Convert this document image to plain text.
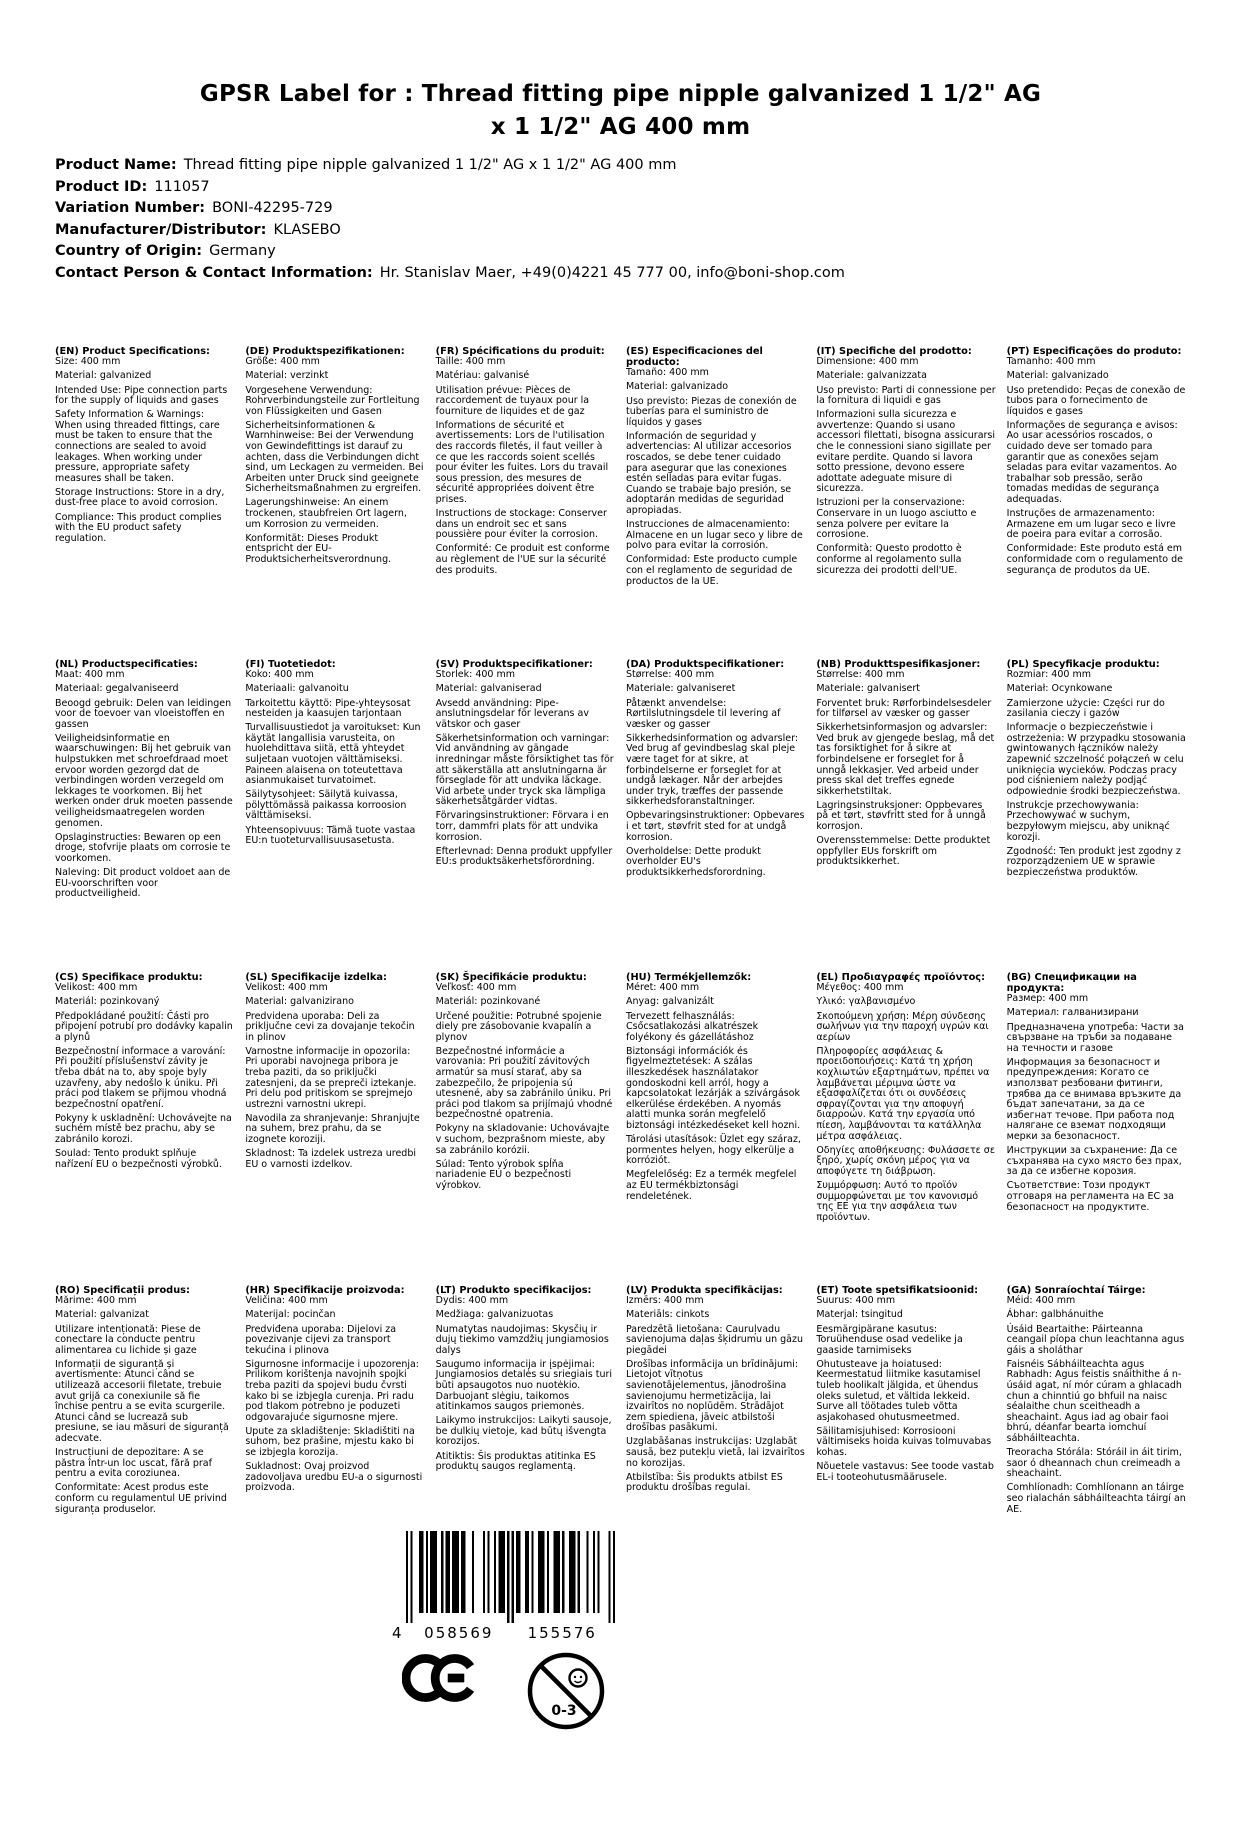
GPSR Label for : Thread fitting pipe nipple galvanized 1 1/2" AG x 1 1/2" AG 400 mm
Product Name: Thread fitting pipe nipple galvanized 1 1/2" AG x 1 1/2" AG 400 mm
Product ID: 111057
Variation Number: BONI-42295-729
Manufacturer/Distributor: KLASEBO
Country of Origin: Germany
Contact Person & Contact Information: Hr. Stanislav Maer, +49(0)4221 45 777 00, info@boni-shop.com
(EN) Product Specifications:

Size: 400 mm

Material: galvanized

Intended Use: Pipe connection parts for the supply of liquids and gases

Safety Information & Warnings: When using threaded fittings, care must be taken to ensure that the connections are sealed to avoid leakages. When working under pressure, appropriate safety measures shall be taken.

Storage Instructions: Store in a dry, dust-free place to avoid corrosion.

Compliance: This product complies with the EU product safety regulation.

(DE) Produktspezifikationen:

Größe: 400 mm

Material: verzinkt

Vorgesehene Verwendung: Rohrverbindungsteile zur Fortleitung von Flüssigkeiten und Gasen

Sicherheitsinformationen & Warnhinweise: Bei der Verwendung von Gewindefittings ist darauf zu achten, dass die Verbindungen dicht sind, um Leckagen zu vermeiden. Bei Arbeiten unter Druck sind geeignete Sicherheitsmaßnahmen zu ergreifen.

Lagerungshinweise: An einem trockenen, staubfreien Ort lagern, um Korrosion zu vermeiden.

Konformität: Dieses Produkt entspricht der EU-Produktsicherheitsverordnung.

(FR) Spécifications du produit:

Taille: 400 mm

Matériau: galvanisé

Utilisation prévue: Pièces de raccordement de tuyaux pour la fourniture de liquides et de gaz

Informations de sécurité et avertissements: Lors de l'utilisation des raccords filetés, il faut veiller à ce que les raccords soient scellés pour éviter les fuites. Lors du travail sous pression, des mesures de sécurité appropriées doivent être prises.

Instructions de stockage: Conserver dans un endroit sec et sans poussière pour éviter la corrosion.

Conformité: Ce produit est conforme au règlement de l'UE sur la sécurité des produits.

(ES) Especificaciones del producto:

Tamaño: 400 mm

Material: galvanizado

Uso previsto: Piezas de conexión de tuberías para el suministro de líquidos y gases

Información de seguridad y advertencias: Al utilizar accesorios roscados, se debe tener cuidado para asegurar que las conexiones estén selladas para evitar fugas. Cuando se trabaje bajo presión, se adoptarán medidas de seguridad apropiadas.

Instrucciones de almacenamiento: Almacene en un lugar seco y libre de polvo para evitar la corrosión.

Conformidad: Este producto cumple con el reglamento de seguridad de productos de la UE.

(IT) Specifiche del prodotto:

Dimensione: 400 mm

Materiale: galvanizzata

Uso previsto: Parti di connessione per la fornitura di liquidi e gas

Informazioni sulla sicurezza e avvertenze: Quando si usano accessori filettati, bisogna assicurarsi che le connessioni siano sigillate per evitare perdite. Quando si lavora sotto pressione, devono essere adottate adeguate misure di sicurezza.

Istruzioni per la conservazione: Conservare in un luogo asciutto e senza polvere per evitare la corrosione.

Conformità: Questo prodotto è conforme al regolamento sulla sicurezza dei prodotti dell'UE.

(PT) Especificações do produto:

Tamanho: 400 mm

Material: galvanizado

Uso pretendido: Peças de conexão de tubos para o fornecimento de líquidos e gases

Informações de segurança e avisos: Ao usar acessórios roscados, o cuidado deve ser tomado para garantir que as conexões sejam seladas para evitar vazamentos. Ao trabalhar sob pressão, serão tomadas medidas de segurança adequadas.

Instruções de armazenamento: Armazene em um lugar seco e livre de poeira para evitar a corrosão.

Conformidade: Este produto está em conformidade com o regulamento de segurança de produtos da UE.

(NL) Productspecificaties:

Maat: 400 mm

Materiaal: gegalvaniseerd

Beoogd gebruik: Delen van leidingen voor de toevoer van vloeistoffen en gassen

Veiligheidsinformatie en waarschuwingen: Bij het gebruik van hulpstukken met schroefdraad moet ervoor worden gezorgd dat de verbindingen worden verzegeld om lekkages te voorkomen. Bij het werken onder druk moeten passende veiligheidsmaatregelen worden genomen.

Opslaginstructies: Bewaren op een droge, stofvrije plaats om corrosie te voorkomen.

Naleving: Dit product voldoet aan de EU-voorschriften voor productveiligheid.

(FI) Tuotetiedot:

Koko: 400 mm

Materiaali: galvanoitu

Tarkoitettu käyttö: Pipe-yhteysosat nesteiden ja kaasujen tarjontaan

Turvallisuustiedot ja varoitukset: Kun käytät langallisia varusteita, on huolehdittava siitä, että yhteydet suljetaan vuotojen välttämiseksi. Paineen alaisena on toteutettava asianmukaiset turvatoimet.

Säilytysohjeet: Säilytä kuivassa, pölyttömässä paikassa korroosion välttämiseksi.

Yhteensopivuus: Tämä tuote vastaa EU:n tuoteturvallisuusasetusta.

(SV) Produktspecifikationer:

Storlek: 400 mm

Material: galvaniserad

Avsedd användning: Pipe-anslutningsdelar för leverans av vätskor och gaser

Säkerhetsinformation och varningar: Vid användning av gängade inredningar måste försiktighet tas för att säkerställa att anslutningarna är förseglade för att undvika läckage. Vid arbete under tryck ska lämpliga säkerhetsåtgärder vidtas.

Förvaringsinstruktioner: Förvara i en torr, dammfri plats för att undvika korrosion.

Efterlevnad: Denna produkt uppfyller EU:s produktsäkerhetsförordning.

(DA) Produktspecifikationer:

Størrelse: 400 mm

Materiale: galvaniseret

Påtænkt anvendelse: Rørtilslutningsdele til levering af væsker og gasser

Sikkerhedsinformation og advarsler: Ved brug af gevindbeslag skal pleje være taget for at sikre, at forbindelserne er forseglet for at undgå lækager. Når der arbejdes under tryk, træffes der passende sikkerhedsforanstaltninger.

Opbevaringsinstruktioner: Opbevares i et tørt, støvfrit sted for at undgå korrosion.

Overholdelse: Dette produkt overholder EU's produktsikkerhedsforordning.

(NB) Produkttspesifikasjoner:

Størrelse: 400 mm

Materiale: galvanisert

Forventet bruk: Rørforbindelsesdeler for tilførsel av væsker og gasser

Sikkerhetsinformasjon og advarsler: Ved bruk av gjengede beslag, må det tas forsiktighet for å sikre at forbindelsene er forseglet for å unngå lekkasjer. Ved arbeid under press skal det treffes egnede sikkerhetstiltak.

Lagringsinstruksjoner: Oppbevares på et tørt, støvfritt sted for å unngå korrosjon.

Overensstemmelse: Dette produktet oppfyller EUs forskrift om produktsikkerhet.

(PL) Specyfikacje produktu:

Rozmiar: 400 mm

Materiał: Ocynkowane

Zamierzone użycie: Części rur do zasilania cieczy i gazów

Informacje o bezpieczeństwie i ostrzeżenia: W przypadku stosowania gwintowanych łączników należy zapewnić szczelność połączeń w celu uniknięcia wycieków. Podczas pracy pod ciśnieniem należy podjąć odpowiednie środki bezpieczeństwa.

Instrukcje przechowywania: Przechowywać w suchym, bezpyłowym miejscu, aby uniknąć korozji.

Zgodność: Ten produkt jest zgodny z rozporządzeniem UE w sprawie bezpieczeństwa produktów.

(CS) Specifikace produktu:

Velikost: 400 mm

Materiál: pozinkovaný

Předpokládané použití: Části pro připojení potrubí pro dodávky kapalin a plynů

Bezpečnostní informace a varování: Při použití příslušenství závity je třeba dbát na to, aby spoje byly uzavřeny, aby nedošlo k úniku. Při práci pod tlakem se přijmou vhodná bezpečnostní opatření.

Pokyny k uskladnění: Uchovávejte na suchém místě bez prachu, aby se zabránilo korozi.

Soulad: Tento produkt splňuje nařízení EU o bezpečnosti výrobků.

(SL) Specifikacije izdelka:

Velikost: 400 mm

Material: galvanizirano

Predvidena uporaba: Deli za priključne cevi za dovajanje tekočin in plinov

Varnostne informacije in opozorila: Pri uporabi navojnega pribora je treba paziti, da so priključki zatesnjeni, da se prepreči iztekanje. Pri delu pod pritiskom se sprejmejo ustrezni varnostni ukrepi.

Navodila za shranjevanje: Shranjujte na suhem, brez prahu, da se izognete koroziji.

Skladnost: Ta izdelek ustreza uredbi EU o varnosti izdelkov.

(SK) Špecifikácie produktu:

Veľkosť: 400 mm

Materiál: pozinkované

Určené použitie: Potrubné spojenie diely pre zásobovanie kvapalín a plynov

Bezpečnostné informácie a varovania: Pri použití závitových armatúr sa musí starať, aby sa zabezpečilo, že pripojenia sú utesnené, aby sa zabránilo úniku. Pri práci pod tlakom sa prijímajú vhodné bezpečnostné opatrenia.

Pokyny na skladovanie: Uchovávajte v suchom, bezprašnom mieste, aby sa zabránilo korózii.

Súlad: Tento výrobok spĺňa nariadenie EÚ o bezpečnosti výrobkov.

(HU) Termékjellemzők:

Méret: 400 mm

Anyag: galvanizált

Tervezett felhasználás: Csőcsatlakozási alkatrészek folyékony és gázellátáshoz

Biztonsági információk és figyelmeztetések: A szálas illeszkedések használatakor gondoskodni kell arról, hogy a kapcsolatokat lezárják a szivárgások elkerülése érdekében. A nyomás alatti munka során megfelelő biztonsági intézkedéseket kell hozni.

Tárolási utasítások: Üzlet egy száraz, pormentes helyen, hogy elkerülje a korróziót.

Megfelelőség: Ez a termék megfelel az EU termékbiztonsági rendeletének.

(EL) Προδιαγραφές προϊόντος:

Μέγεθος: 400 mm

Υλικό: γαλβανισμένο

Σκοπούμενη χρήση: Μέρη σύνδεσης σωλήνων για την παροχή υγρών και αερίων

Πληροφορίες ασφάλειας & προειδοποιήσεις: Κατά τη χρήση κοχλιωτών εξαρτημάτων, πρέπει να λαμβάνεται μέριμνα ώστε να εξασφαλίζεται ότι οι συνδέσεις σφραγίζονται για την αποφυγή διαρροών. Κατά την εργασία υπό πίεση, λαμβάνονται τα κατάλληλα μέτρα ασφάλειας.

Οδηγίες αποθήκευσης: Φυλάσσετε σε ξηρό, χωρίς σκόνη μέρος για να αποφύγετε τη διάβρωση.

Συμμόρφωση: Αυτό το προϊόν συμμορφώνεται με τον κανονισμό της ΕΕ για την ασφάλεια των προϊόντων.

(BG) Спецификации на продукта:

Размер: 400 mm

Материал: галванизирани

Предназначена употреба: Части за свързване на тръби за подаване на течности и газове

Информация за безопасност и предупреждения: Когато се използват резбовани фитинги, трябва да се внимава връзките да бъдат запечатани, за да се избегнат течове. При работа под налягане се вземат подходящи мерки за безопасност.

Инструкции за съхранение: Да се съхранява на сухо място без прах, за да се избегне корозия.

Съответствие: Този продукт отговаря на регламента на ЕС за безопасност на продуктите.

(RO) Specificații produs:

Mărime: 400 mm

Material: galvanizat

Utilizare intenționată: Piese de conectare la conducte pentru alimentarea cu lichide și gaze

Informații de siguranță și avertismente: Atunci când se utilizează accesorii filetate, trebuie avut grijă ca conexiunile să fie închise pentru a se evita scurgerile. Atunci când se lucrează sub presiune, se iau măsuri de siguranță adecvate.

Instrucțiuni de depozitare: A se păstra într-un loc uscat, fără praf pentru a evita coroziunea.

Conformitate: Acest produs este conform cu regulamentul UE privind siguranța produselor.

(HR) Specifikacije proizvoda:

Veličina: 400 mm

Materijal: pocinčan

Predviđena uporaba: Dijelovi za povezivanje cijevi za transport tekućina i plinova

Sigurnosne informacije i upozorenja: Prilikom korištenja navojnih spojki treba paziti da spojevi budu čvrsti kako bi se izbjegla curenja. Pri radu pod tlakom potrebno je poduzeti odgovarajuće sigurnosne mjere.

Upute za skladištenje: Skladištiti na suhom, bez prašine, mjestu kako bi se izbjegla korozija.

Sukladnost: Ovaj proizvod zadovoljava uredbu EU-a o sigurnosti proizvoda.

(LT) Produkto specifikacijos:

Dydis: 400 mm

Medžiaga: galvanizuotas

Numatytas naudojimas: Skysčių ir dujų tiekimo vamzdžių jungiamosios dalys

Saugumo informacija ir įspėjimai: Jungiamosios detalės su sriegiais turi būti apsaugotos nuo nuotėkio. Darbuojant slėgiu, taikomos atitinkamos saugos priemonės.

Laikymo instrukcijos: Laikyti sausoje, be dulkių vietoje, kad būtų išvengta korozijos.

Atitiktis: Šis produktas atitinka ES produktų saugos reglamentą.

(LV) Produkta specifikācijas:

Izmērs: 400 mm

Materiāls: cinkots

Paredzētā lietošana: Cauruļvadu savienojuma daļas šķidrumu un gāzu piegādei

Drošības informācija un brīdinājumi: Lietojot vītņotus savienotājelementus, jānodrošina savienojumu hermetizācija, lai izvairītos no noplūdēm. Strādājot zem spiediena, jāveic atbilstoši drošības pasākumi.

Uzglabāšanas instrukcijas: Uzglabāt sausā, bez putekļu vietā, lai izvairītos no korozijas.

Atbilstība: Šis produkts atbilst ES produktu drošības regulai.

(ET) Toote spetsifikatsioonid:

Suurus: 400 mm

Materjal: tsingitud

Eesmärgipärane kasutus: Toruühenduse osad vedelike ja gaaside tarnimiseks

Ohutusteave ja hoiatused: Keermestatud liitmike kasutamisel tuleb hoolikalt jälgida, et ühendus oleks suletud, et vältida lekkeid. Surve all töötades tuleb võtta asjakohased ohutusmeetmed.

Säilitamisjuhised: Korrosiooni vältimiseks hoida kuivas tolmuvabas kohas.

Nõuetele vastavus: See toode vastab EL-i tooteohutusmäärusele.

(GA) Sonraíochtaí Táirge:

Méid: 400 mm

Ábhar: galbhánuithe

Úsáid Beartaithe: Páirteanna ceangail píopa chun leachtanna agus gáis a sholáthar

Faisnéis Sábháilteachta agus Rabhadh: Agus feistis snáithithe á n-úsáid agat, ní mór cúram a ghlacadh chun a chinntiú go bhfuil na naisc séalaithe chun sceitheadh a sheachaint. Agus iad ag obair faoi bhrú, déanfar bearta iomchuí sábháilteachta.

Treoracha Stórála: Stóráil in áit tirim, saor ó dheannach chun creimeadh a sheachaint.

Comhlíonadh: Comhlíonann an táirge seo rialachán sábháilteachta táirgí an AE.

4 058569 155576
0-3
